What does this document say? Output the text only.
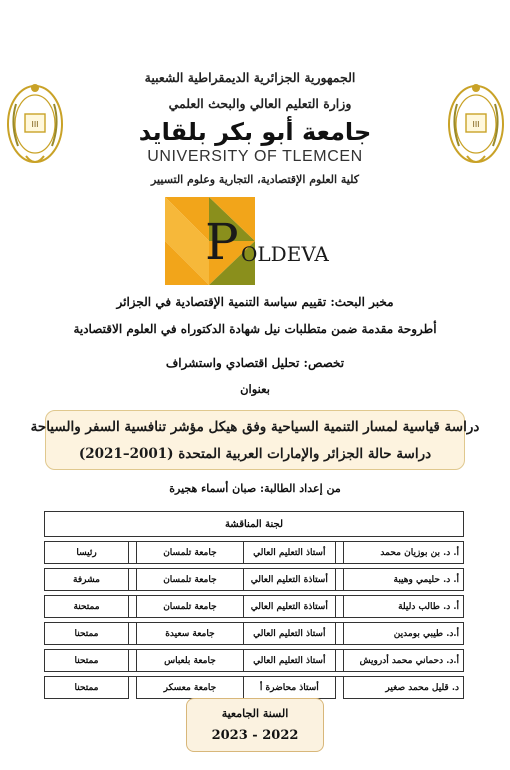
III	III
الجمهورية الجزائرية الديمقراطية الشعبية
وزارة التعليم العالي والبحث العلمي
جامعة أبو بكر بلقايد
UNIVERSITY OF TLEMCEN
كلية العلوم الإقتصادية، التجارية وعلوم التسيير
P OLDEVA
مخبر البحث: تقييم سياسة التنمية الإقتصادية في الجزائر
أطروحة مقدمة ضمن متطلبات نيل شهادة الدكتوراه في العلوم الاقتصادية
تخصص: تحليل اقتصادي واستشراف
بعنوان
دراسة قياسية لمسار التنمية السياحية وفق هيكل مؤشر تنافسية السفر والسياحة
دراسة حالة الجزائر والإمارات العربية المتحدة (2001–2021)
من إعداد الطالبة: صبان أسماء هجيرة
لجنة المناقشة					

أ. د. بن بوزيان محمد		أستاذ التعليم العالي	جامعة تلمسان		رئيسا

أ. د. حليمي وهيبة		أستاذة التعليم العالي	جامعة تلمسان		مشرفة

أ. د. طالب دليلة		أستاذة التعليم العالي	جامعة تلمسان		ممتحنة

أ.د. طيبي بومدين		أستاذ التعليم العالي	جامعة سعيدة		ممتحنا

أ.د. دحماني محمد أدرويش		أستاذ التعليم العالي	جامعة بلعباس		ممتحنا

د. قليل محمد صغير		أستاذ محاضرة أ	جامعة معسكر		ممتحنا
السنة الجامعية
2023 - 2022
